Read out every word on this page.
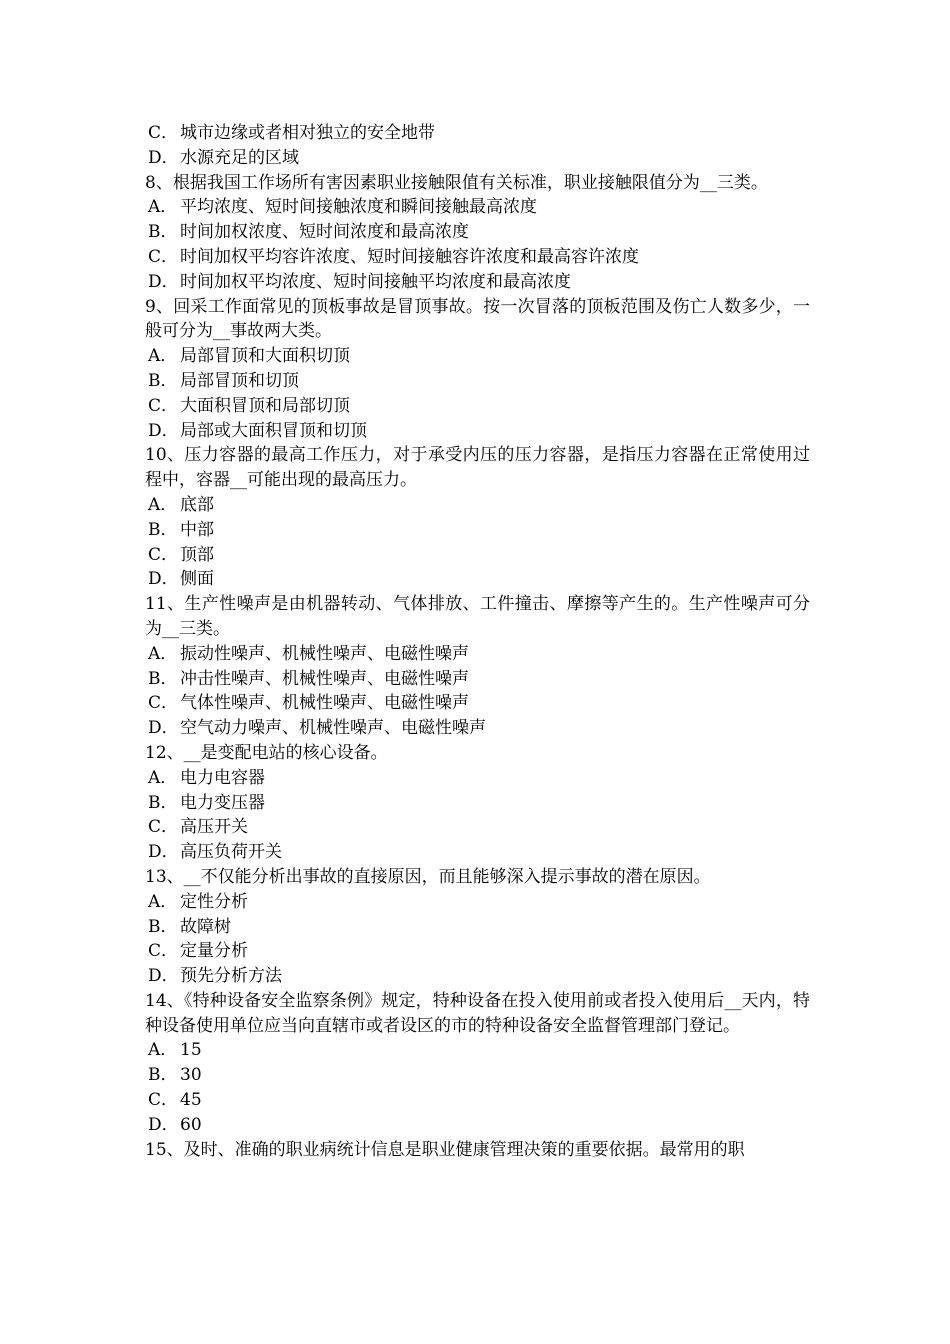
C． 城市边缘或者相对独立的安全地带
D．水源充足的区域
8、根据我国工作场所有害因素职业接触限值有关标准，职业接触限值分为__三类。
A． 平均浓度、短时间接触浓度和瞬间接触最高浓度
B． 时间加权浓度、短时间浓度和最高浓度
C． 时间加权平均容许浓度、短时间接触容许浓度和最高容许浓度
D．时间加权平均浓度、短时间接触平均浓度和最高浓度
9、回采工作面常见的顶板事故是冒顶事故。按一次冒落的顶板范围及伤亡人数多少，一般可分为__事故两大类。
A． 局部冒顶和大面积切顶
B． 局部冒顶和切顶
C． 大面积冒顶和局部切顶
D．局部或大面积冒顶和切顶
10、压力容器的最高工作压力，对于承受内压的压力容器，是指压力容器在正常使用过程中，容器__可能出现的最高压力。
A． 底部
B． 中部
C． 顶部
D．侧面
11、生产性噪声是由机器转动、气体排放、工件撞击、摩擦等产生的。生产性噪声可分为__三类。
A． 振动性噪声、机械性噪声、电磁性噪声
B． 冲击性噪声、机械性噪声、电磁性噪声
C． 气体性噪声、机械性噪声、电磁性噪声
D．空气动力噪声、机械性噪声、电磁性噪声
12、__是变配电站的核心设备。
A． 电力电容器
B． 电力变压器
C． 高压开关
D．高压负荷开关
13、__不仅能分析出事故的直接原因，而且能够深入提示事故的潜在原因。
A． 定性分析
B． 故障树
C． 定量分析
D．预先分析方法
14、《特种设备安全监察条例》规定，特种设备在投入使用前或者投入使用后__天内，特种设备使用单位应当向直辖市或者设区的市的特种设备安全监督管理部门登记。
A． 15
B． 30
C． 45
D．60
15、及时、准确的职业病统计信息是职业健康管理决策的重要依据。最常用的职
